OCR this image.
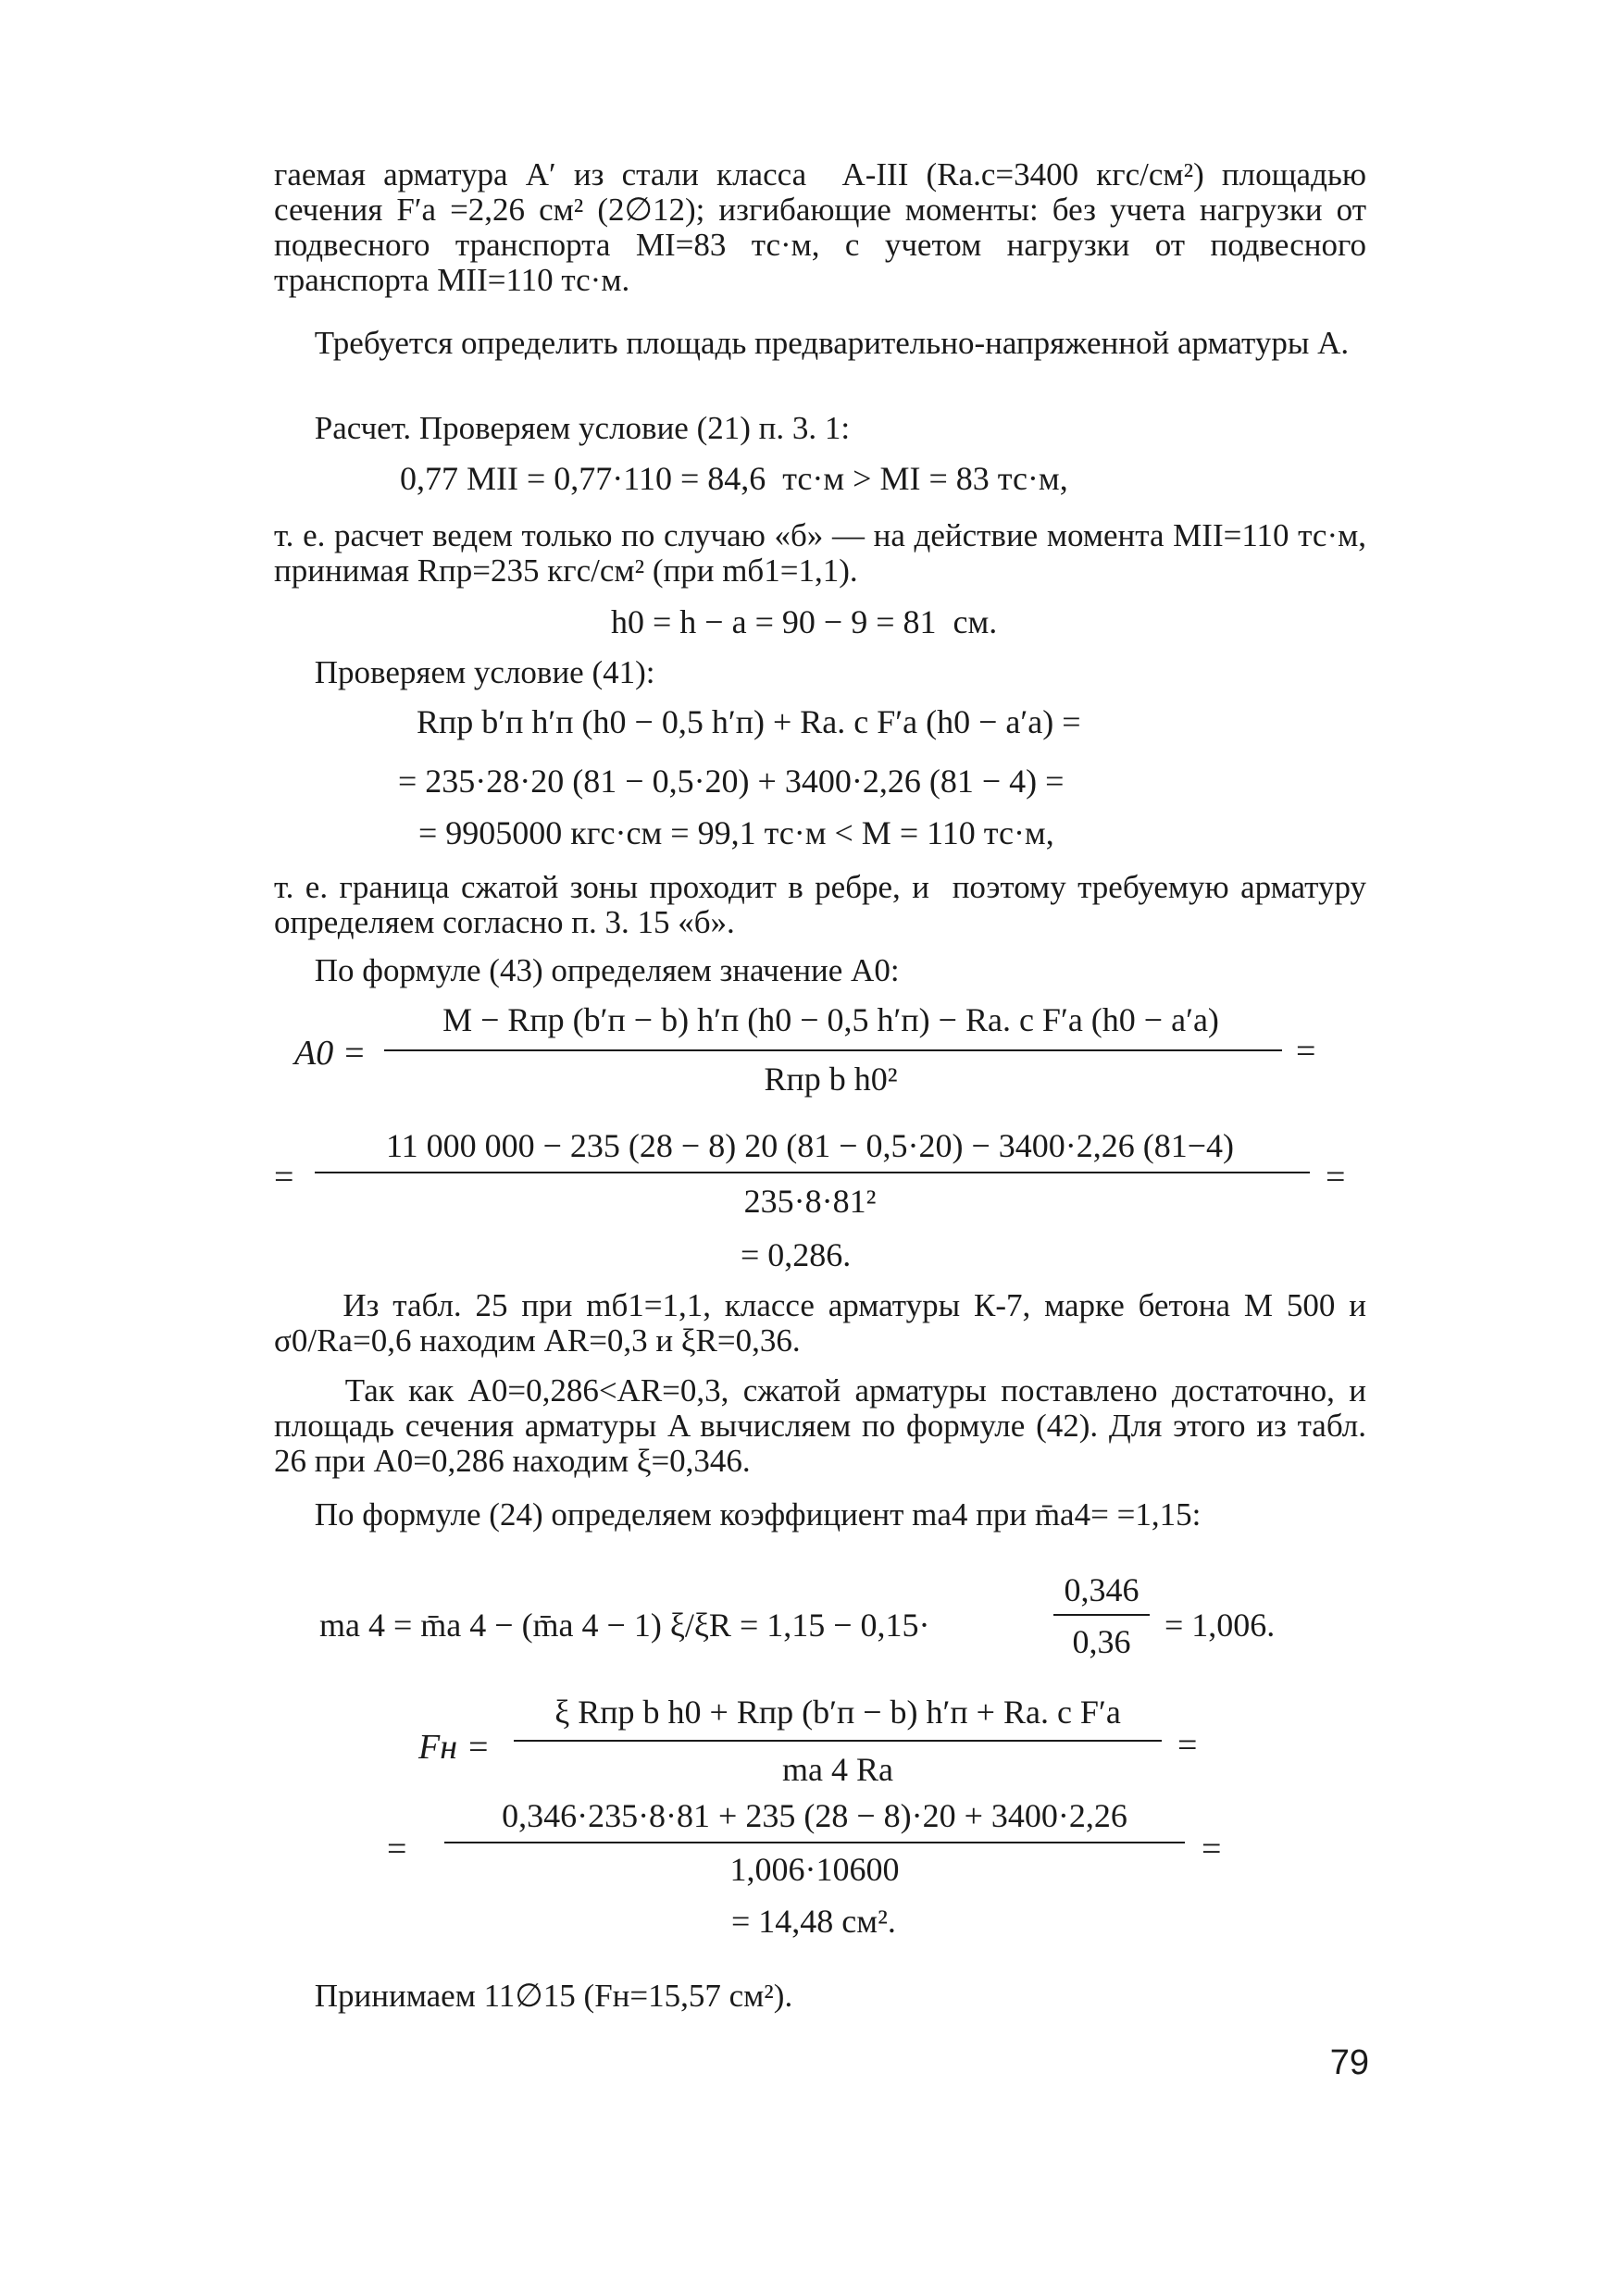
гаемая арматура A′ из стали класса  А-III (Ra.c=3400 кгс/см²) площадью сечения F′a =2,26 см² (2∅12); изгибающие моменты: без учета нагрузки от подвесного транспорта MI=83 тс·м, с учетом нагрузки от подвесного транспорта MII=110 тс·м.

Требуется определить площадь предварительно-напряженной арматуры A.

Расчет. Проверяем условие (21) п. 3. 1:

0,77 MII = 0,77·110 = 84,6  тс·м > MI = 83 тс·м,

т. е. расчет ведем только по случаю «б» — на действие момента MII=110 тс·м, принимая Rпр=235 кгс/см² (при mб1=1,1).

h0 = h − a = 90 − 9 = 81  см.

Проверяем условие (41):

Rпр b′п h′п (h0 − 0,5 h′п) + Ra. c F′a (h0 − a′a) =
= 235·28·20 (81 − 0,5·20) + 3400·2,26 (81 − 4) =
= 9905000 кгс·см = 99,1 тс·м < M = 110 тс·м,

т. е. граница сжатой зоны проходит в ребре, и  поэтому требуемую арматуру определяем согласно п. 3. 15 «б».

По формуле (43) определяем значение A0:

A0 =
M − Rпр (b′п − b) h′п (h0 − 0,5 h′п) − Ra. c F′a (h0 − a′a)
Rпр b h0²
=
=
11 000 000 − 235 (28 − 8) 20 (81 − 0,5·20) − 3400·2,26 (81−4)
235·8·81²
=
= 0,286.

Из табл. 25 при mб1=1,1, классе арматуры К-7, марке бетона М 500 и σ0/Ra=0,6 находим AR=0,3 и ξR=0,36.

Так как A0=0,286<AR=0,3, сжатой арматуры поставлено достаточно, и площадь сечения арматуры A вычисляем по формуле (42). Для этого из табл. 26 при A0=0,286 находим ξ=0,346.

По формуле (24) определяем коэффициент ma4 при m̄a4= =1,15:

ma 4 = m̄a 4 − (m̄a 4 − 1) ξ/ξR = 1,15 − 0,15·
0,346
0,36	= 1,006.
Fн =
ξ Rпр b h0 + Rпр (b′п − b) h′п + Ra. c F′a
ma 4 Ra
=
=
0,346·235·8·81 + 235 (28 − 8)·20 + 3400·2,26
1,006·10600
=
= 14,48 см².

Принимаем 11∅15 (Fн=15,57 см²).

79
